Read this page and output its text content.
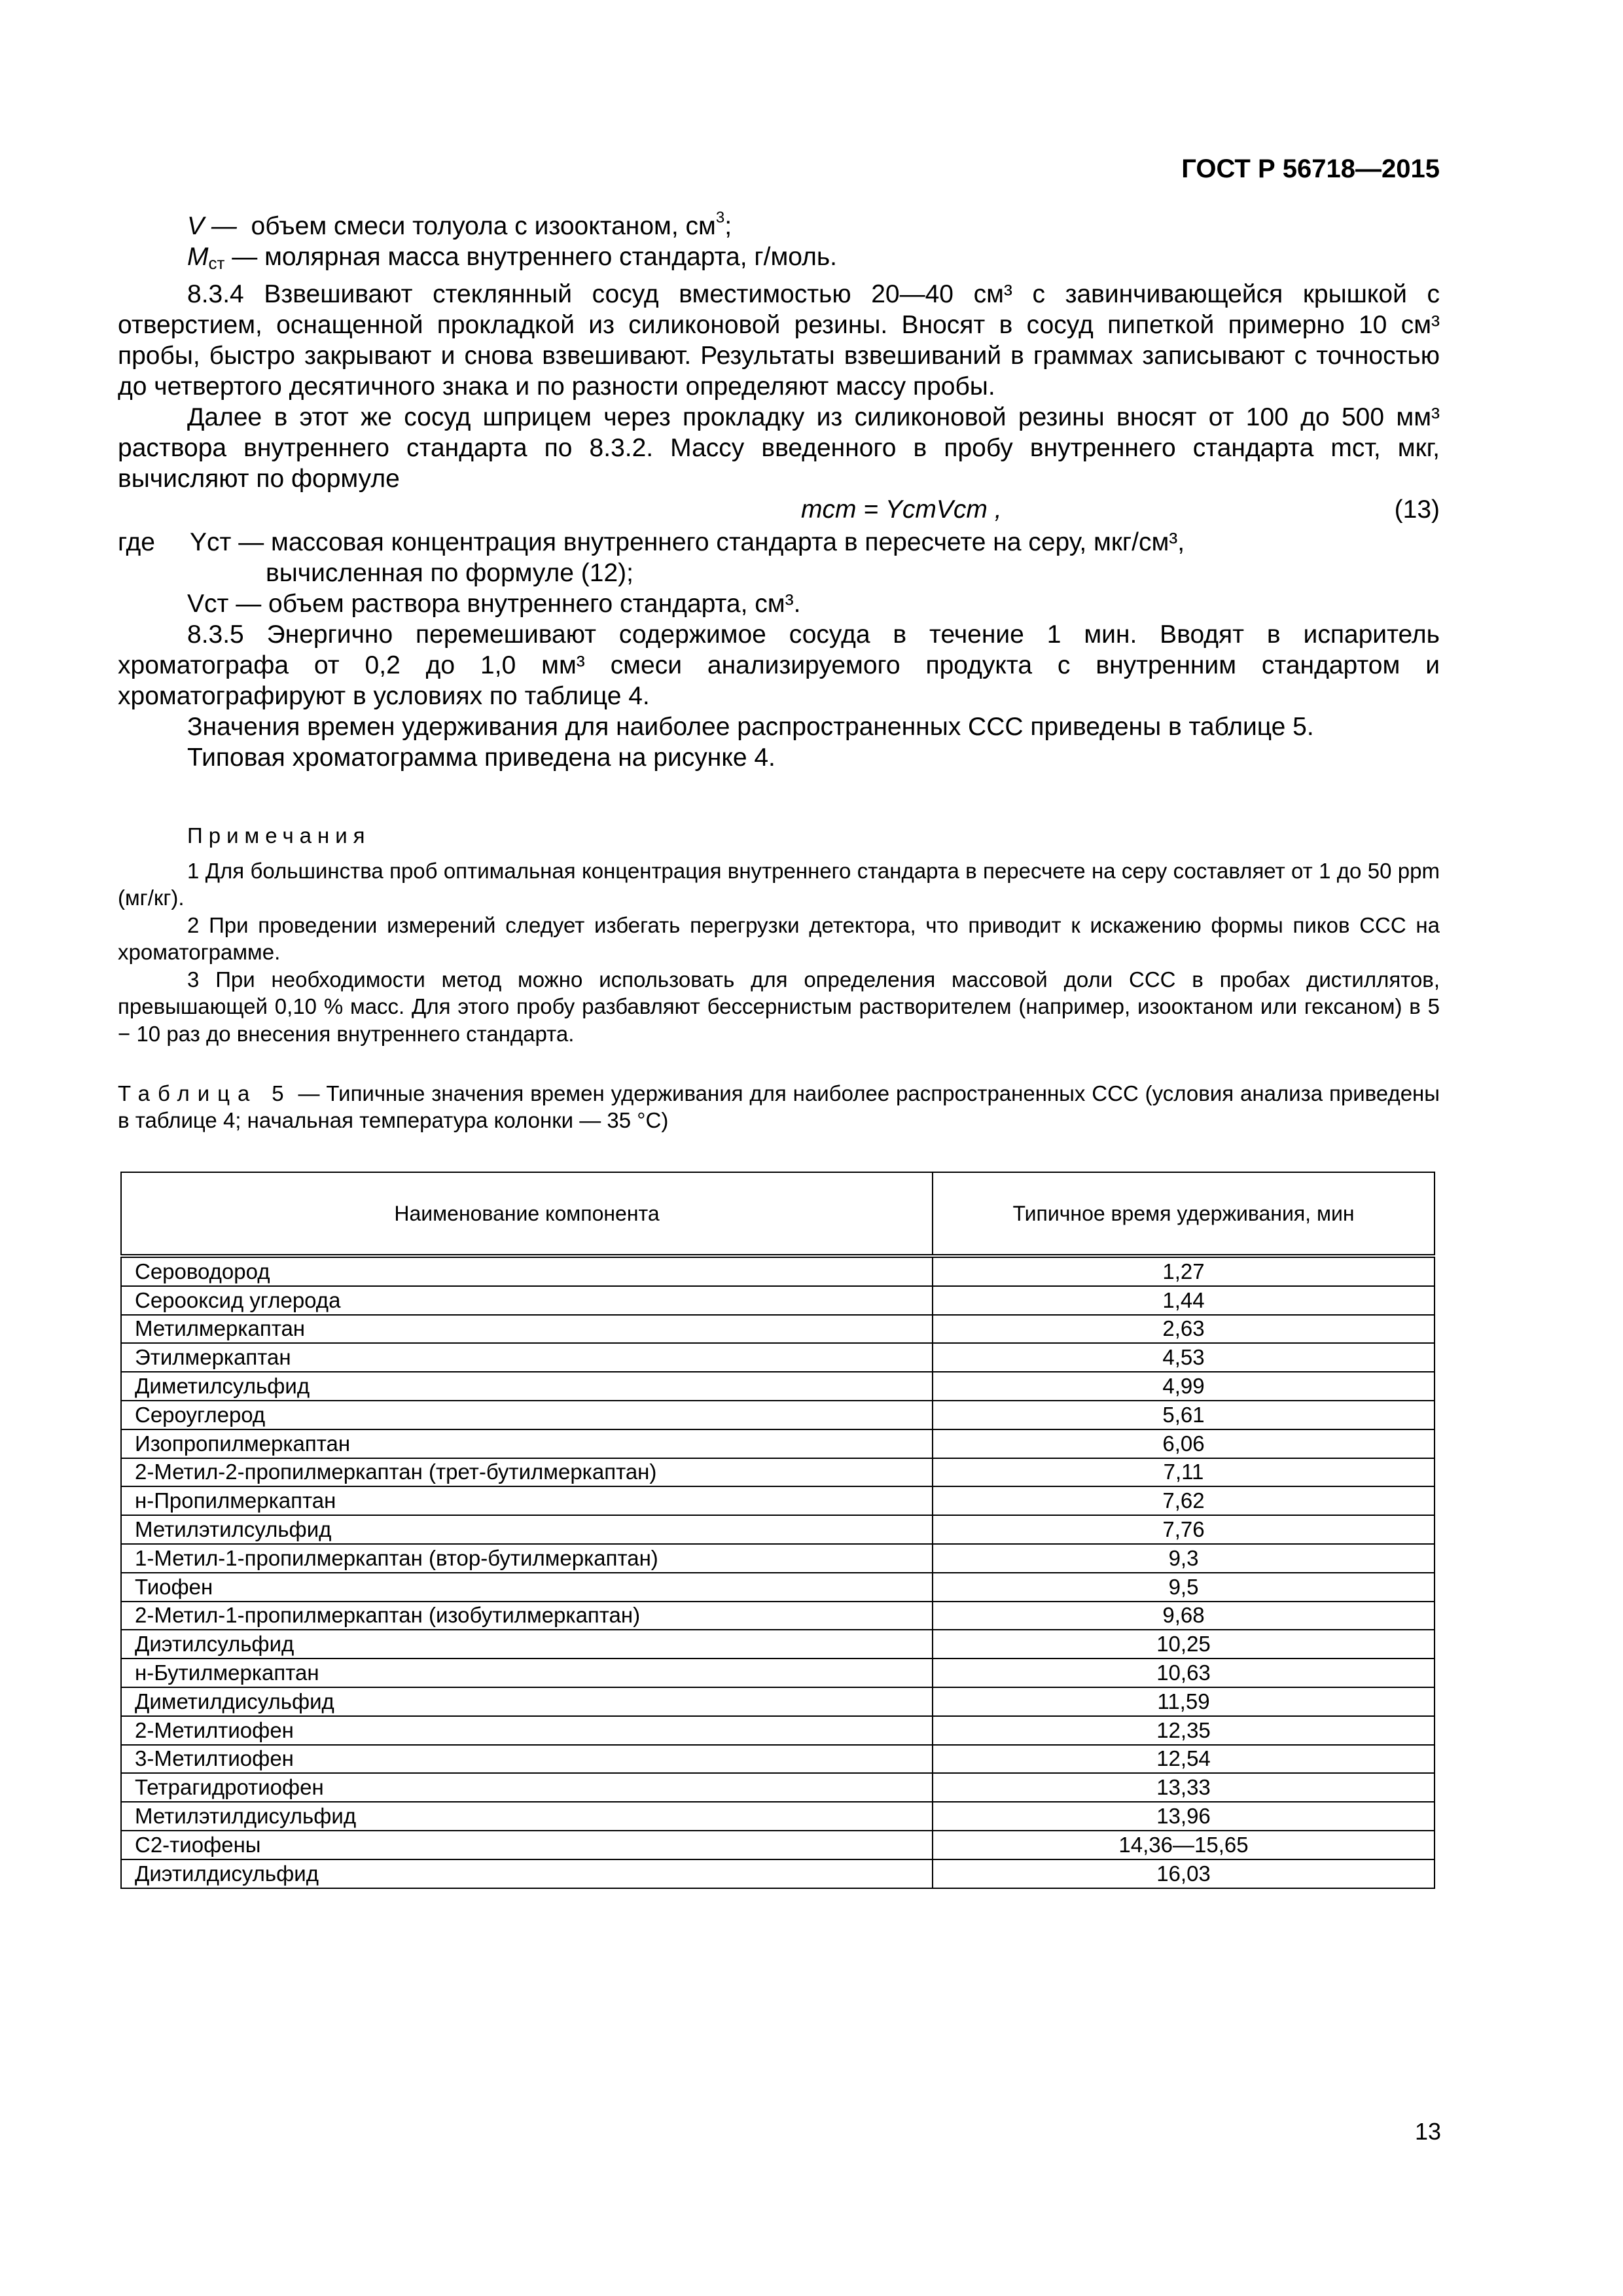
ГОСТ Р 56718—2015
V —  объем смеси толуола с изооктаном, $см^3$;
$M_{ст}$ — молярная масса внутреннего стандарта, г/моль.
8.3.4 Взвешивают стеклянный сосуд вместимостью 20—40 см³ с завинчивающейся крышкой с отверстием, оснащенной прокладкой из силиконовой резины. Вносят в сосуд пипеткой примерно 10 см³ пробы, быстро закрывают и снова взвешивают. Результаты взвешиваний в граммах записывают с точностью до четвертого десятичного знака и по разности определяют массу пробы.
Далее в этот же сосуд шприцем через прокладку из силиконовой резины вносят от 100 до 500 мм³ раствора внутреннего стандарта по 8.3.2. Массу введенного в пробу внутреннего стандарта mст, мкг, вычисляют по формуле
mст = YстVст ,	(13)
где Yст — массовая концентрация внутреннего стандарта в пересчете на серу, мкг/см³,
вычисленная по формуле (12);
Vст — объем раствора внутреннего стандарта, см³.
8.3.5 Энергично перемешивают содержимое сосуда в течение 1 мин. Вводят в испаритель хроматографа от 0,2 до 1,0 мм³ смеси анализируемого продукта с внутренним стандартом и хроматографируют в условиях по таблице 4.
Значения времен удерживания для наиболее распространенных ССС приведены в таблице 5.
Типовая хроматограмма приведена на рисунке 4.
Примечания
1 Для большинства проб оптимальная концентрация внутреннего стандарта в пересчете на серу составляет от 1 до 50 ppm (мг/кг).
2 При проведении измерений следует избегать перегрузки детектора, что приводит к искажению формы пиков ССС на хроматограмме.
3 При необходимости метод можно использовать для определения массовой доли ССС в пробах дистиллятов, превышающей 0,10 % масс. Для этого пробу разбавляют бессернистым растворителем (например, изооктаном или гексаном) в 5 − 10 раз до внесения внутреннего стандарта.
Таблица 5 — Типичные значения времен удерживания для наиболее распространенных ССС (условия анализа приведены в таблице 4; начальная температура колонки — 35 °С)
Наименование компонента	Типичное время удерживания, мин
Сероводород	1,27
Серооксид углерода	1,44
Метилмеркаптан	2,63
Этилмеркаптан	4,53
Диметилсульфид	4,99
Сероуглерод	5,61
Изопропилмеркаптан	6,06
2-Метил-2-пропилмеркаптан (трет-бутилмеркаптан)	7,11
н-Пропилмеркаптан	7,62
Метилэтилсульфид	7,76
1-Метил-1-пропилмеркаптан (втор-бутилмеркаптан)	9,3
Тиофен	9,5
2-Метил-1-пропилмеркаптан (изобутилмеркаптан)	9,68
Диэтилсульфид	10,25
н-Бутилмеркаптан	10,63
Диметилдисульфид	11,59
2-Метилтиофен	12,35
3-Метилтиофен	12,54
Тетрагидротиофен	13,33
Метилэтилдисульфид	13,96
С2-тиофены	14,36—15,65
Диэтилдисульфид	16,03
13
